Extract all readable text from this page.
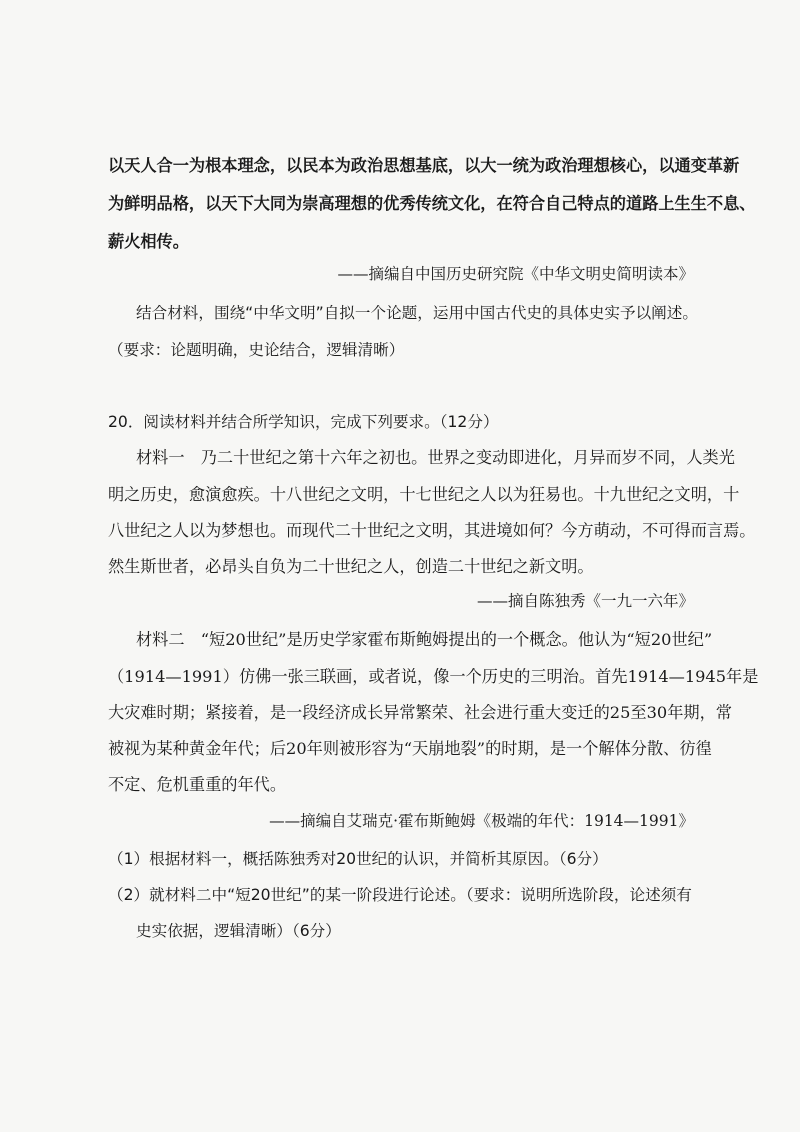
以天人合一为根本理念，以民本为政治思想基底，以大一统为政治理想核心，以通变革新
为鲜明品格，以天下大同为崇高理想的优秀传统文化，在符合自己特点的道路上生生不息、
薪火相传。
——摘编自中国历史研究院《中华文明史简明读本》
结合材料，围绕“中华文明”自拟一个论题，运用中国古代史的具体史实予以阐述。
（要求：论题明确，史论结合，逻辑清晰）
20．阅读材料并结合所学知识，完成下列要求。（12分）
材料一　乃二十世纪之第十六年之初也。世界之变动即进化，月异而岁不同，人类光
明之历史，愈演愈疾。十八世纪之文明，十七世纪之人以为狂易也。十九世纪之文明，十
八世纪之人以为梦想也。而现代二十世纪之文明，其进境如何？今方萌动，不可得而言焉。
然生斯世者，必昂头自负为二十世纪之人，创造二十世纪之新文明。
——摘自陈独秀《一九一六年》
材料二　“短20世纪”是历史学家霍布斯鲍姆提出的一个概念。他认为“短20世纪”
（1914—1991）仿佛一张三联画，或者说，像一个历史的三明治。首先1914—1945年是
大灾难时期；紧接着，是一段经济成长异常繁荣、社会进行重大变迁的25至30年期，常
被视为某种黄金年代；后20年则被形容为“天崩地裂”的时期，是一个解体分散、彷徨
不定、危机重重的年代。
——摘编自艾瑞克·霍布斯鲍姆《极端的年代：1914—1991》
（1）根据材料一，概括陈独秀对20世纪的认识，并简析其原因。（6分）
（2）就材料二中“短20世纪”的某一阶段进行论述。（要求：说明所选阶段，论述须有
史实依据，逻辑清晰）（6分）
